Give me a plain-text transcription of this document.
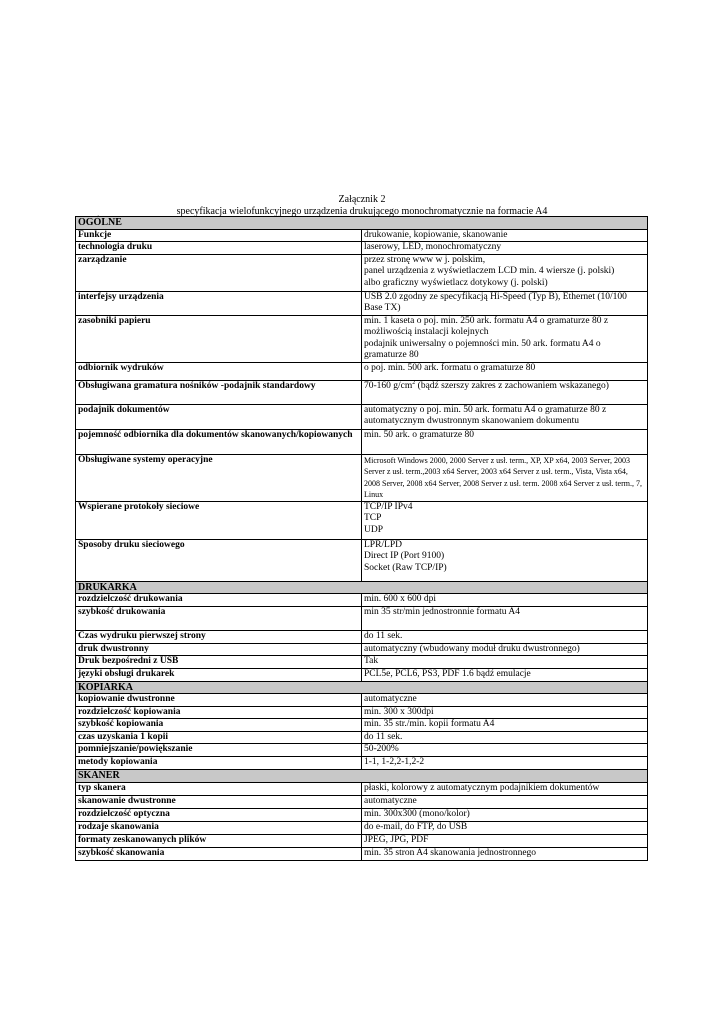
Załącznik 2
specyfikacja wielofunkcyjnego urządzenia drukującego monochromatycznie na formacie A4
OGÓLNE	
Funkcje	drukowanie, kopiowanie, skanowanie

technologia druku	laserowy, LED, monochromatyczny

zarządzanie	przez stronę www w j. polskim,
panel urządzenia z wyświetlaczem LCD min. 4 wiersze (j. polski)
albo graficzny wyświetlacz dotykowy (j. polski)

interfejsy urządzenia	USB 2.0 zgodny ze specyfikacją Hi-Speed (Typ B), Ethernet (10/100 Base TX)

zasobniki papieru	min. 1 kaseta o poj. min. 250 ark. formatu A4 o gramaturze 80 z możliwością instalacji kolejnych
podajnik uniwersalny o pojemności min. 50 ark. formatu A4 o gramaturze 80

odbiornik wydruków	o poj. min. 500 ark. formatu o gramaturze 80

Obsługiwana gramatura nośników -podajnik standardowy	70-160 $g/cm^2$ (bądź szerszy zakres z zachowaniem wskazanego)
podajnik dokumentów	automatyczny o poj. min. 50 ark. formatu A4 o gramaturze 80 z automatycznym dwustronnym skanowaniem dokumentu

pojemność odbiornika dla dokumentów skanowanych/kopiowanych	min. 50 ark. o gramaturze 80

Obsługiwane systemy operacyjne	Microsoft Windows 2000, 2000 Server z usł. term., XP, XP x64, 2003 Server, 2003 Server z usł. term.,2003 x64 Server, 2003 x64 Server z usł. term., Vista, Vista x64, 2008 Server, 2008 x64 Server, 2008 Server z usł. term. 2008 x64 Server z usł. term., 7, Linux

Wspierane protokoły sieciowe	TCP/IP IPv4
TCP
UDP

Sposoby druku sieciowego	LPR/LPD
Direct IP (Port 9100)
Socket (Raw TCP/IP)

DRUKARKA	
rozdzielczość drukowania	min. 600 x 600 dpi

szybkość drukowania	min 35 str/min jednostronnie formatu A4

Czas wydruku pierwszej strony	do 11 sek.

druk dwustronny	automatyczny (wbudowany moduł druku dwustronnego)

Druk bezpośredni z USB	Tak

języki obsługi drukarek	PCL5e, PCL6, PS3, PDF 1.6 bądź emulacje

KOPIARKA	
kopiowanie dwustronne	automatyczne

rozdzielczość kopiowania	min. 300 x 300dpi

szybkość kopiowania	min. 35 str./min. kopii formatu A4

czas uzyskania 1 kopii	do 11 sek.

pomniejszanie/powiększanie	50-200%

metody kopiowania	1-1, 1-2,2-1,2-2

SKANER	
typ skanera	płaski, kolorowy z automatycznym podajnikiem dokumentów

skanowanie dwustronne	automatyczne

rozdzielczość optyczna	min. 300x300 (mono/kolor)

rodzaje skanowania	do e-mail, do FTP, do USB

formaty zeskanowanych plików	JPEG, JPG, PDF

szybkość skanowania	min. 35 stron A4 skanowania jednostronnego
